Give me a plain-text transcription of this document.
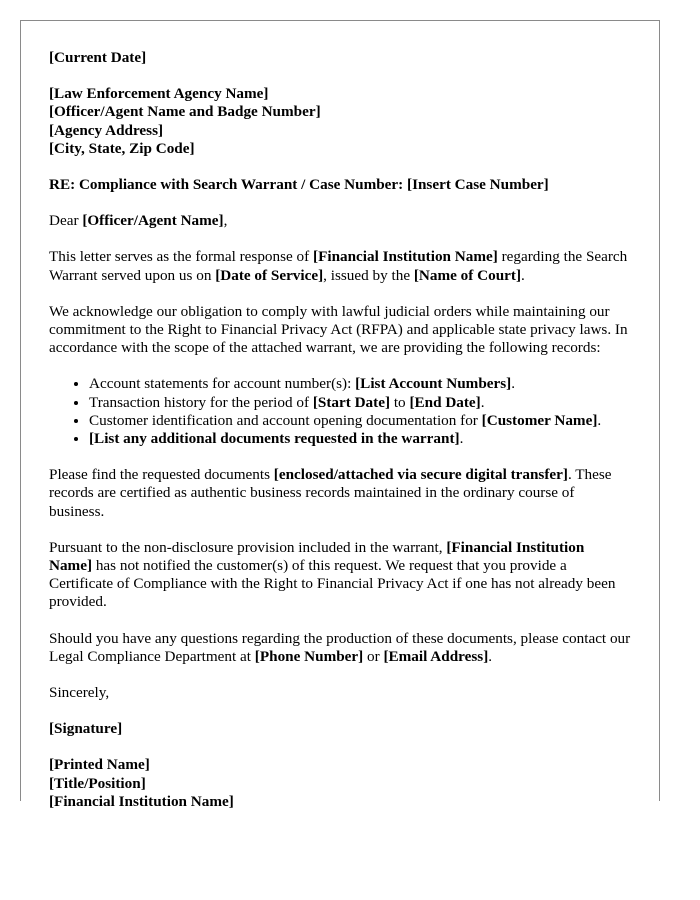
[Current Date]

[Law Enforcement Agency Name]
[Officer/Agent Name and Badge Number]
[Agency Address]
[City, State, Zip Code]

RE: Compliance with Search Warrant / Case Number: [Insert Case Number]

Dear [Officer/Agent Name],

This letter serves as the formal response of [Financial Institution Name] regarding the Search Warrant served upon us on [Date of Service], issued by the [Name of Court].

We acknowledge our obligation to comply with lawful judicial orders while maintaining our commitment to the Right to Financial Privacy Act (RFPA) and applicable state privacy laws. In accordance with the scope of the attached warrant, we are providing the following records:

• Account statements for account number(s): [List Account Numbers].
• Transaction history for the period of [Start Date] to [End Date].
• Customer identification and account opening documentation for [Customer Name].
• [List any additional documents requested in the warrant].

Please find the requested documents [enclosed/attached via secure digital transfer]. These records are certified as authentic business records maintained in the ordinary course of business.

Pursuant to the non-disclosure provision included in the warrant, [Financial Institution Name] has not notified the customer(s) of this request. We request that you provide a Certificate of Compliance with the Right to Financial Privacy Act if one has not already been provided.

Should you have any questions regarding the production of these documents, please contact our Legal Compliance Department at [Phone Number] or [Email Address].

Sincerely,

[Signature]

[Printed Name]
[Title/Position]
[Financial Institution Name]
